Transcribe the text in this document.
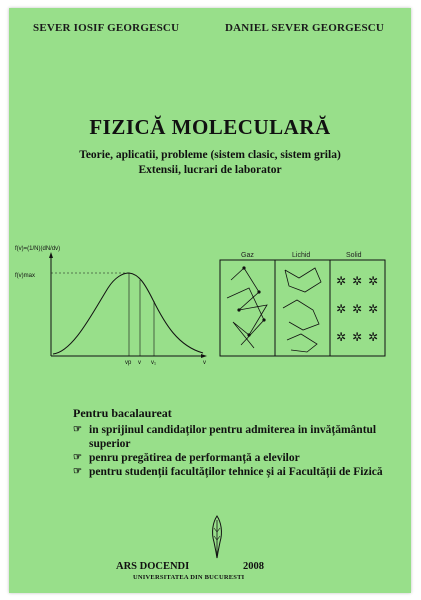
SEVER IOSIF GEORGESCU	DANIEL SEVER GEORGESCU
FIZICĂ MOLECULARĂ
Teorie, aplicatii, probleme (sistem clasic, sistem grila)
Extensii, lucrari de laborator
f(v)=(1/N)(dN/dv)
f(v)max
vp v v₁	v
Gaz	Lichid	Solid
✲ ✲ ✲
✲ ✲ ✲
✲ ✲ ✲
Pentru bacalaureat
☞ in sprijinul candidaților pentru admiterea in invățământul superior
☞ penru pregătirea de performanță a elevilor
☞ pentru studenții facultăților tehnice și ai Facultății de Fizică
ARS DOCENDI	2008
UNIVERSITATEA DIN BUCURESTI
